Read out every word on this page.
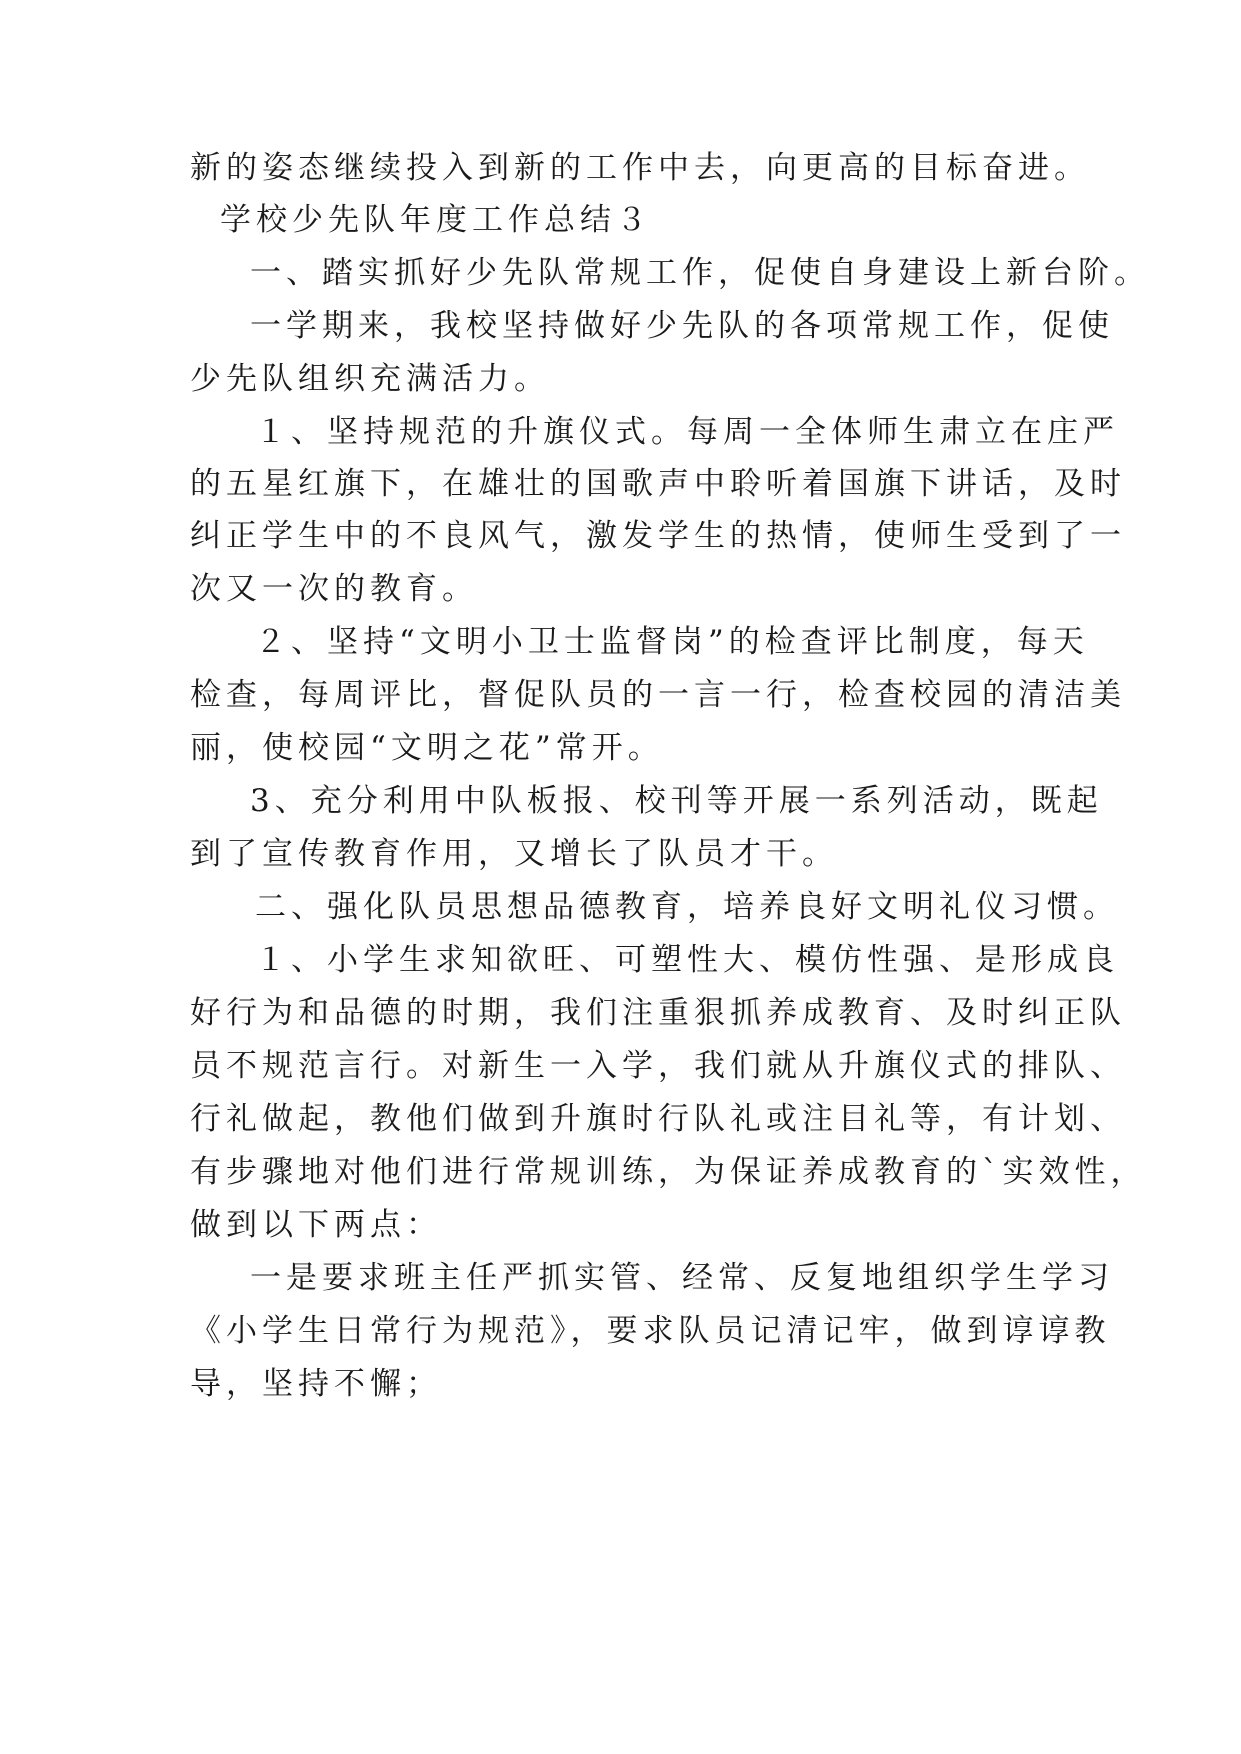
新的姿态继续投入到新的工作中去，向更高的目标奋进。
学校少先队年度工作总结３
一、踏实抓好少先队常规工作，促使自身建设上新台阶。
一学期来，我校坚持做好少先队的各项常规工作，促使
少先队组织充满活力。
１、坚持规范的升旗仪式。每周一全体师生肃立在庄严
的五星红旗下，在雄壮的国歌声中聆听着国旗下讲话，及时
纠正学生中的不良风气，激发学生的热情，使师生受到了一
次又一次的教育。
２、坚持“文明小卫士监督岗”的检查评比制度，每天
检查，每周评比，督促队员的一言一行，检查校园的清洁美
丽，使校园“文明之花”常开。
3、充分利用中队板报、校刊等开展一系列活动，既起
到了宣传教育作用，又增长了队员才干。
二、强化队员思想品德教育，培养良好文明礼仪习惯。
１、小学生求知欲旺、可塑性大、模仿性强、是形成良
好行为和品德的时期，我们注重狠抓养成教育、及时纠正队
员不规范言行。对新生一入学，我们就从升旗仪式的排队、
行礼做起，教他们做到升旗时行队礼或注目礼等，有计划、
有步骤地对他们进行常规训练，为保证养成教育的`实效性，
做到以下两点：
一是要求班主任严抓实管、经常、反复地组织学生学习
《小学生日常行为规范》，要求队员记清记牢，做到谆谆教
导，坚持不懈；
